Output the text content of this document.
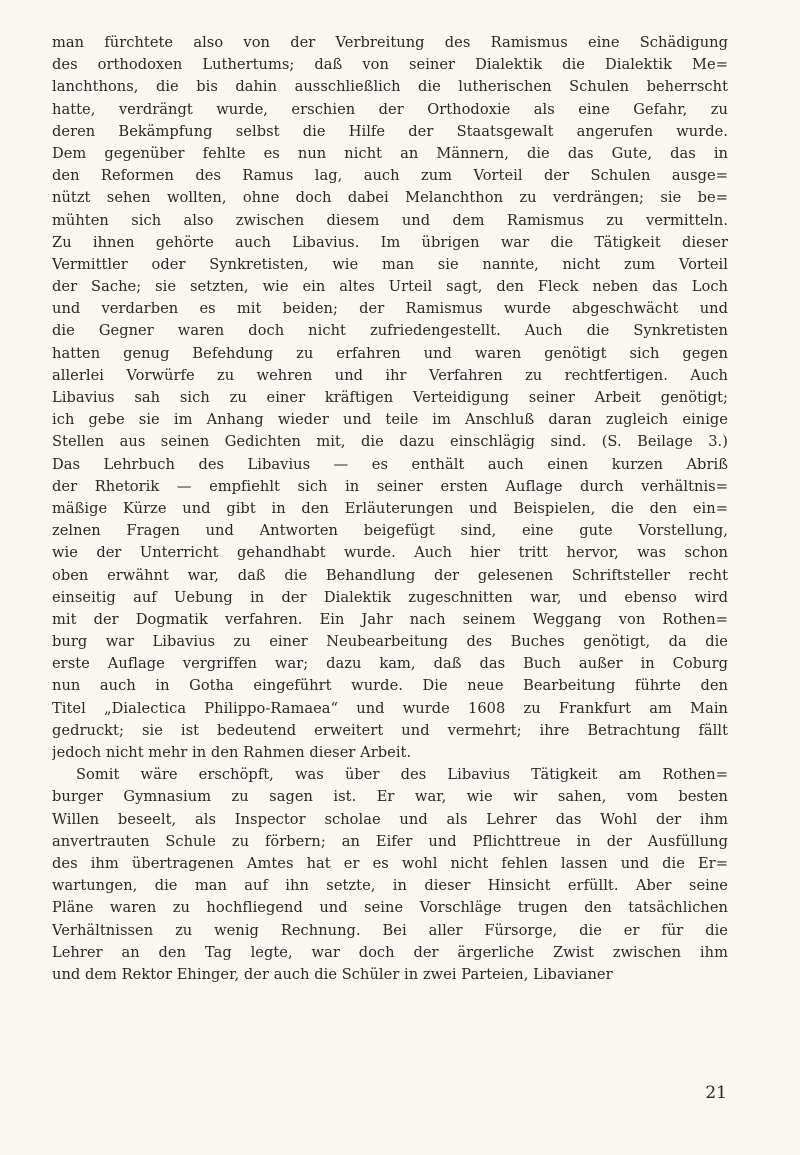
man fürchtete also von der Verbreitung des Ramismus eine Schädigung
des orthodoxen Luthertums; daß von seiner Dialektik die Dialektik Me=
lanchthons, die bis dahin ausschließlich die lutherischen Schulen beherrscht
hatte, verdrängt wurde, erschien der Orthodoxie als eine Gefahr, zu
deren Bekämpfung selbst die Hilfe der Staatsgewalt angerufen wurde.
Dem gegenüber fehlte es nun nicht an Männern, die das Gute, das in
den Reformen des Ramus lag, auch zum Vorteil der Schulen ausge=
nützt sehen wollten, ohne doch dabei Melanchthon zu verdrängen; sie be=
mühten sich also zwischen diesem und dem Ramismus zu vermitteln.
Zu ihnen gehörte auch Libavius. Im übrigen war die Tätigkeit dieser
Vermittler oder Synkretisten, wie man sie nannte, nicht zum Vorteil
der Sache; sie setzten, wie ein altes Urteil sagt, den Fleck neben das Loch
und verdarben es mit beiden; der Ramismus wurde abgeschwächt und
die Gegner waren doch nicht zufriedengestellt. Auch die Synkretisten
hatten genug Befehdung zu erfahren und waren genötigt sich gegen
allerlei Vorwürfe zu wehren und ihr Verfahren zu rechtfertigen. Auch
Libavius sah sich zu einer kräftigen Verteidigung seiner Arbeit genötigt;
ich gebe sie im Anhang wieder und teile im Anschluß daran zugleich einige
Stellen aus seinen Gedichten mit, die dazu einschlägig sind. (S. Beilage 3.)
Das Lehrbuch des Libavius — es enthält auch einen kurzen Abriß
der Rhetorik — empfiehlt sich in seiner ersten Auflage durch verhältnis=
mäßige Kürze und gibt in den Erläuterungen und Beispielen, die den ein=
zelnen Fragen und Antworten beigefügt sind, eine gute Vorstellung,
wie der Unterricht gehandhabt wurde. Auch hier tritt hervor, was schon
oben erwähnt war, daß die Behandlung der gelesenen Schriftsteller recht
einseitig auf Uebung in der Dialektik zugeschnitten war, und ebenso wird
mit der Dogmatik verfahren. Ein Jahr nach seinem Weggang von Rothen=
burg war Libavius zu einer Neubearbeitung des Buches genötigt, da die
erste Auflage vergriffen war; dazu kam, daß das Buch außer in Coburg
nun auch in Gotha eingeführt wurde. Die neue Bearbeitung führte den
Titel „Dialectica Philippo-Ramaea“ und wurde 1608 zu Frankfurt am Main
gedruckt; sie ist bedeutend erweitert und vermehrt; ihre Betrachtung fällt
jedoch nicht mehr in den Rahmen dieser Arbeit.
Somit wäre erschöpft, was über des Libavius Tätigkeit am Rothen=
burger Gymnasium zu sagen ist. Er war, wie wir sahen, vom besten
Willen beseelt, als Inspector scholae und als Lehrer das Wohl der ihm
anvertrauten Schule zu förbern; an Eifer und Pflichttreue in der Ausfüllung
des ihm übertragenen Amtes hat er es wohl nicht fehlen lassen und die Er=
wartungen, die man auf ihn setzte, in dieser Hinsicht erfüllt. Aber seine
Pläne waren zu hochfliegend und seine Vorschläge trugen den tatsächlichen
Verhältnissen zu wenig Rechnung. Bei aller Fürsorge, die er für die
Lehrer an den Tag legte, war doch der ärgerliche Zwist zwischen ihm
und dem Rektor Ehinger, der auch die Schüler in zwei Parteien, Libavianer
21
